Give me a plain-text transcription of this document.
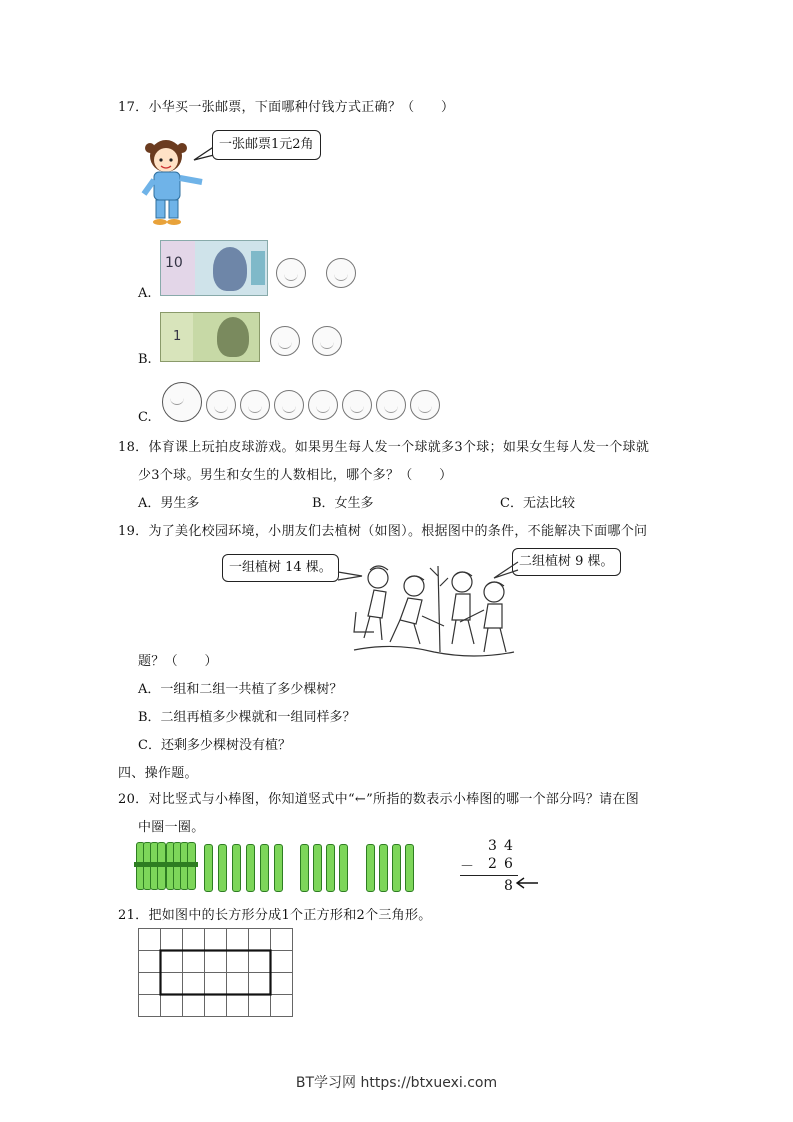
17．小华买一张邮票，下面哪种付钱方式正确？（　　）
一张邮票1元2角
A.
10
B.
1
C.
18．体育课上玩拍皮球游戏。如果男生每人发一个球就多3个球；如果女生每人发一个球就
少3个球。男生和女生的人数相比，哪个多？（　　）
A．男生多	B．女生多	C．无法比较
19．为了美化校园环境，小朋友们去植树（如图）。根据图中的条件，不能解决下面哪个问
一组植树 14 棵。	二组植树 9 棵。
题？（　　）
A．一组和二组一共植了多少棵树？
B．二组再植多少棵就和一组同样多？
C．还剩多少棵树没有植？
四、操作题。
20．对比竖式与小棒图，你知道竖式中“←”所指的数表示小棒图的哪一个部分吗？请在图
中圈一圈。
3 4
－ 2 6
8
21．把如图中的长方形分成1个正方形和2个三角形。
BT学习网 https://btxuexi.com
